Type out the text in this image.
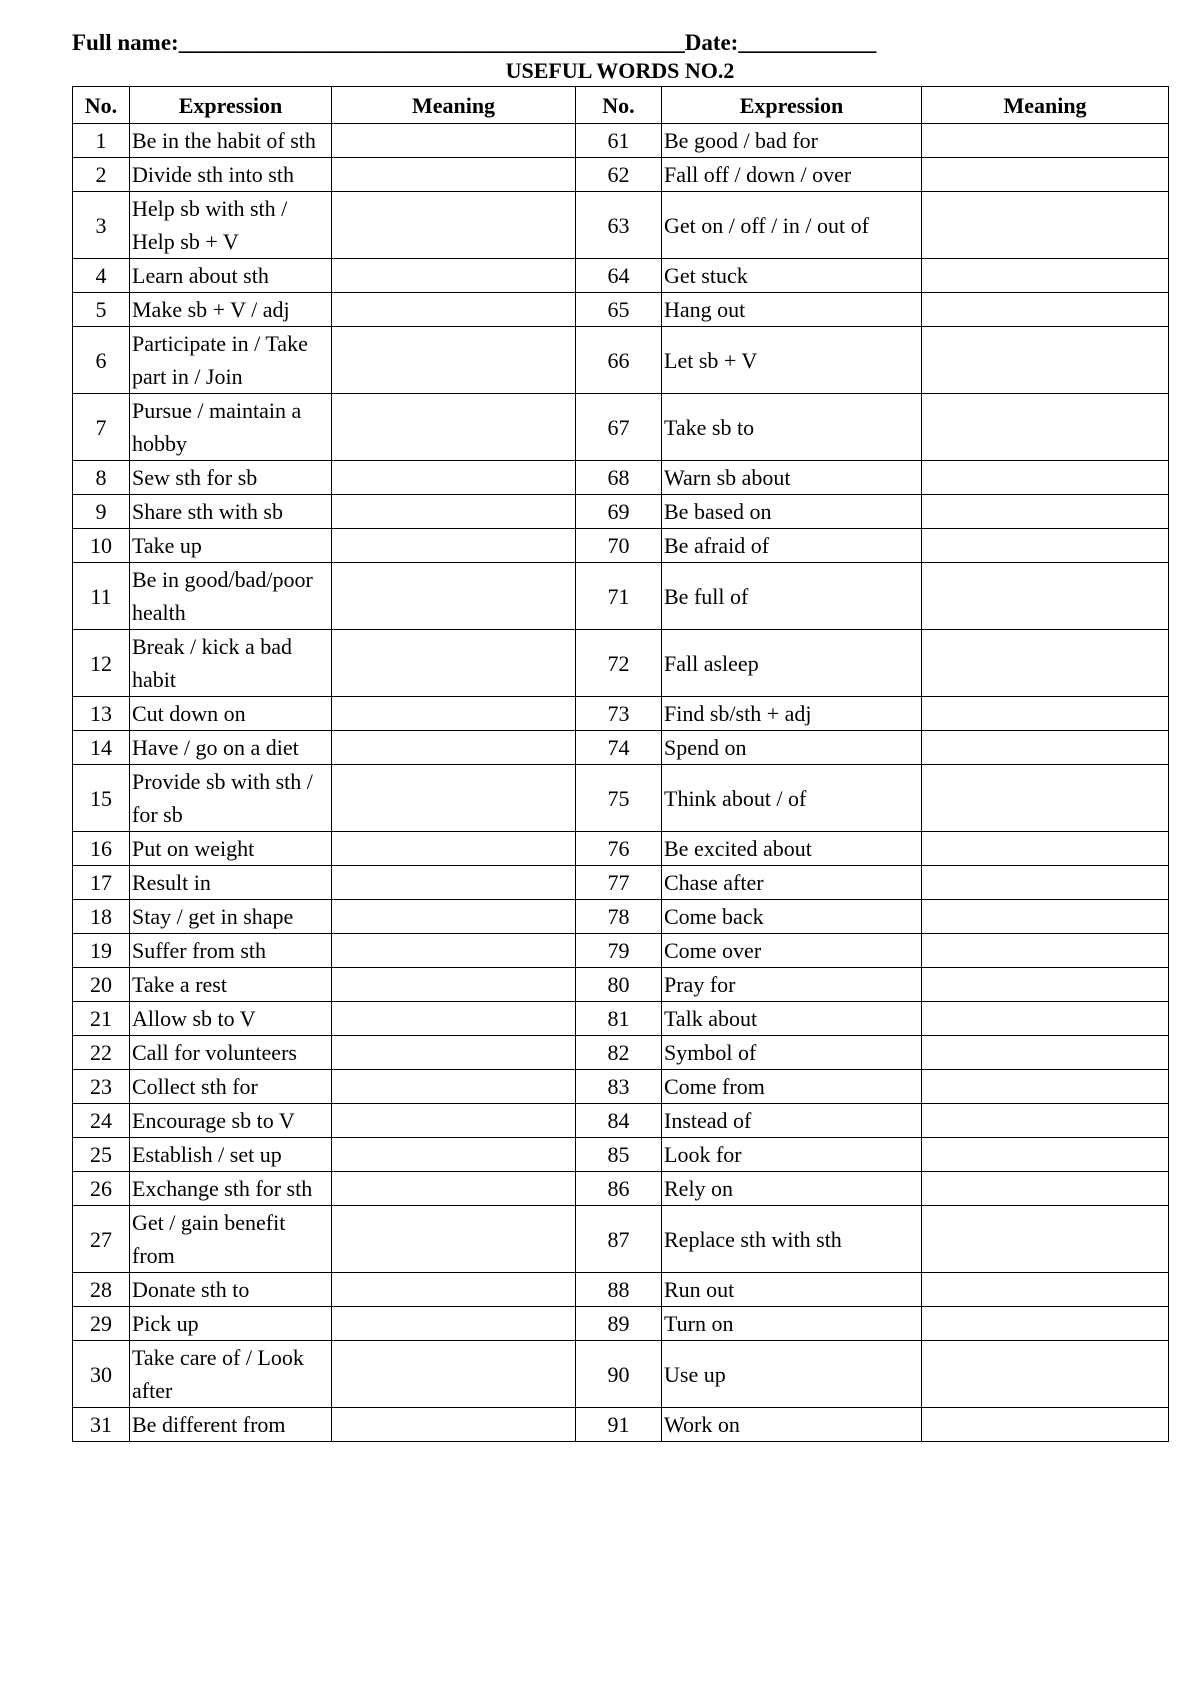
Full name:____________________________________________Date:____________
USEFUL WORDS NO.2
No.	Expression	Meaning	No.	Expression	Meaning
1	Be in the habit of sth		61	Be good / bad for	
2	Divide sth into sth		62	Fall off / down / over	
3	Help sb with sth / Help sb + V		63	Get on / off / in / out of	
4	Learn about sth		64	Get stuck	
5	Make sb + V / adj		65	Hang out	
6	Participate in / Take part in / Join		66	Let sb + V	
7	Pursue / maintain a hobby		67	Take sb to	
8	Sew sth for sb		68	Warn sb about	
9	Share sth with sb		69	Be based on	
10	Take up		70	Be afraid of	
11	Be in good/bad/poor health		71	Be full of	
12	Break / kick a bad habit		72	Fall asleep	
13	Cut down on		73	Find sb/sth + adj	
14	Have / go on a diet		74	Spend on	
15	Provide sb with sth / for sb		75	Think about / of	
16	Put on weight		76	Be excited about	
17	Result in		77	Chase after	
18	Stay / get in shape		78	Come back	
19	Suffer from sth		79	Come over	
20	Take a rest		80	Pray for	
21	Allow sb to V		81	Talk about	
22	Call for volunteers		82	Symbol of	
23	Collect sth for		83	Come from	
24	Encourage sb to V		84	Instead of	
25	Establish / set up		85	Look for	
26	Exchange sth for sth		86	Rely on	
27	Get / gain benefit from		87	Replace sth with sth	
28	Donate sth to		88	Run out	
29	Pick up		89	Turn on	
30	Take care of / Look after		90	Use up	
31	Be different from		91	Work on	
